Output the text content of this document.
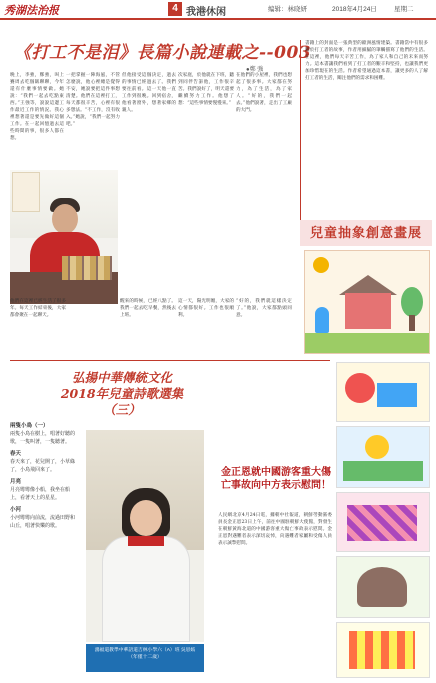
秀湖法治报	4 我港休闲	编辑：林晓妍	2018年4月24日	星期二
《打工不是泪》長篇小說連載之--003
●鄭 強
晚上，李強，鄭強，叫上賽周去吃個飯聊聊，今年還有什麼事情要做。她說：“我們一起去吃點東西。”王強等，說說這邊工作最近工作的情況。我心裡想著還是要先做好這個工作。在一起回憶過去這些時間的事，很多人都在想。
一把掌握一陣海風，不管怎麼說，他心裡總是覺得不安，她說要把這件事想清楚。他們在這裡打工，每天都很辛苦，心裡有很多想法。“不工作，沒有收入。”她說，“我們一起努力吧。”
但他接受這個決定，過去的事情已經過去了。我們要往前看。這一天他一直工作到很晚。回到宿舍，他看著窗外，想著家鄉的親人。
次家庭，於他就在下班，聽到同伴告訴他，工作很辛苦。我們說好了，明天還要繼續努力工作。他想了想：“這些事情要慢慢來。”
在他們的小屋裡，我們也想起了很多事。大家都在努力，為了生活，為了家人。“好的，我們一起去。”他們說著，走出了工廠的大門。
他們在這裡已經生活了很多年。每天工作結束後，大家都會聚在一起聊天。
醒來的時候，已經八點了。我們一起去吃早餐，然後去上班。
這一天，陽光明媚，大家的心情都很好。工作也很順利。
“好的，我們就這樣決定了。”他說，大家都點頭同意。
書籍上的封面是一張典型的歐洲風情建築。書籍當中有很多關於打工者的故事，作者用細膩的筆觸描寫了他們的生活。在這裡，他們每天辛苦工作，為了家人和自己的未來而努力。這本書讓我們看到了打工者的艱辛和堅持，也讓我們更加珍惜現在的生活。作者希望通過這本書，讓更多的人了解打工者的生活，關注他們的需求和困難。
兒童抽象創意畫展
弘揚中華傳統文化
2018年兒童詩歌選集
（三）
兩隻小鳥（一）
兩隻小鳥在樹上，唱著好聽的歌，一隻叫著，一隻聽著。
春天
春天來了，花兒開了，小草綠了，小鳥飛回來了。
月亮
月亮彎彎像小船，我坐在船上，看著天上的星星。
小河
小河彎彎向前流，流過田野和山丘，唱著快樂的歌。
鴻福道教學中華語道吉林小學六（A）班 吳思嫣（年僅十二歲）
金正恩就中國游客重大傷亡事故向中方表示慰問！
人民網北京4月24日電，據朝中社報道，朝鮮勞動黨委員長金正恩23日上午，前往中國駐朝鮮大使館，對發生在朝鮮黃海北道的中國游客重大傷亡事故表示慰問。金正恩對遇難者表示深切哀悼，向遇難者家屬和受傷人員表示誠摯慰問。
